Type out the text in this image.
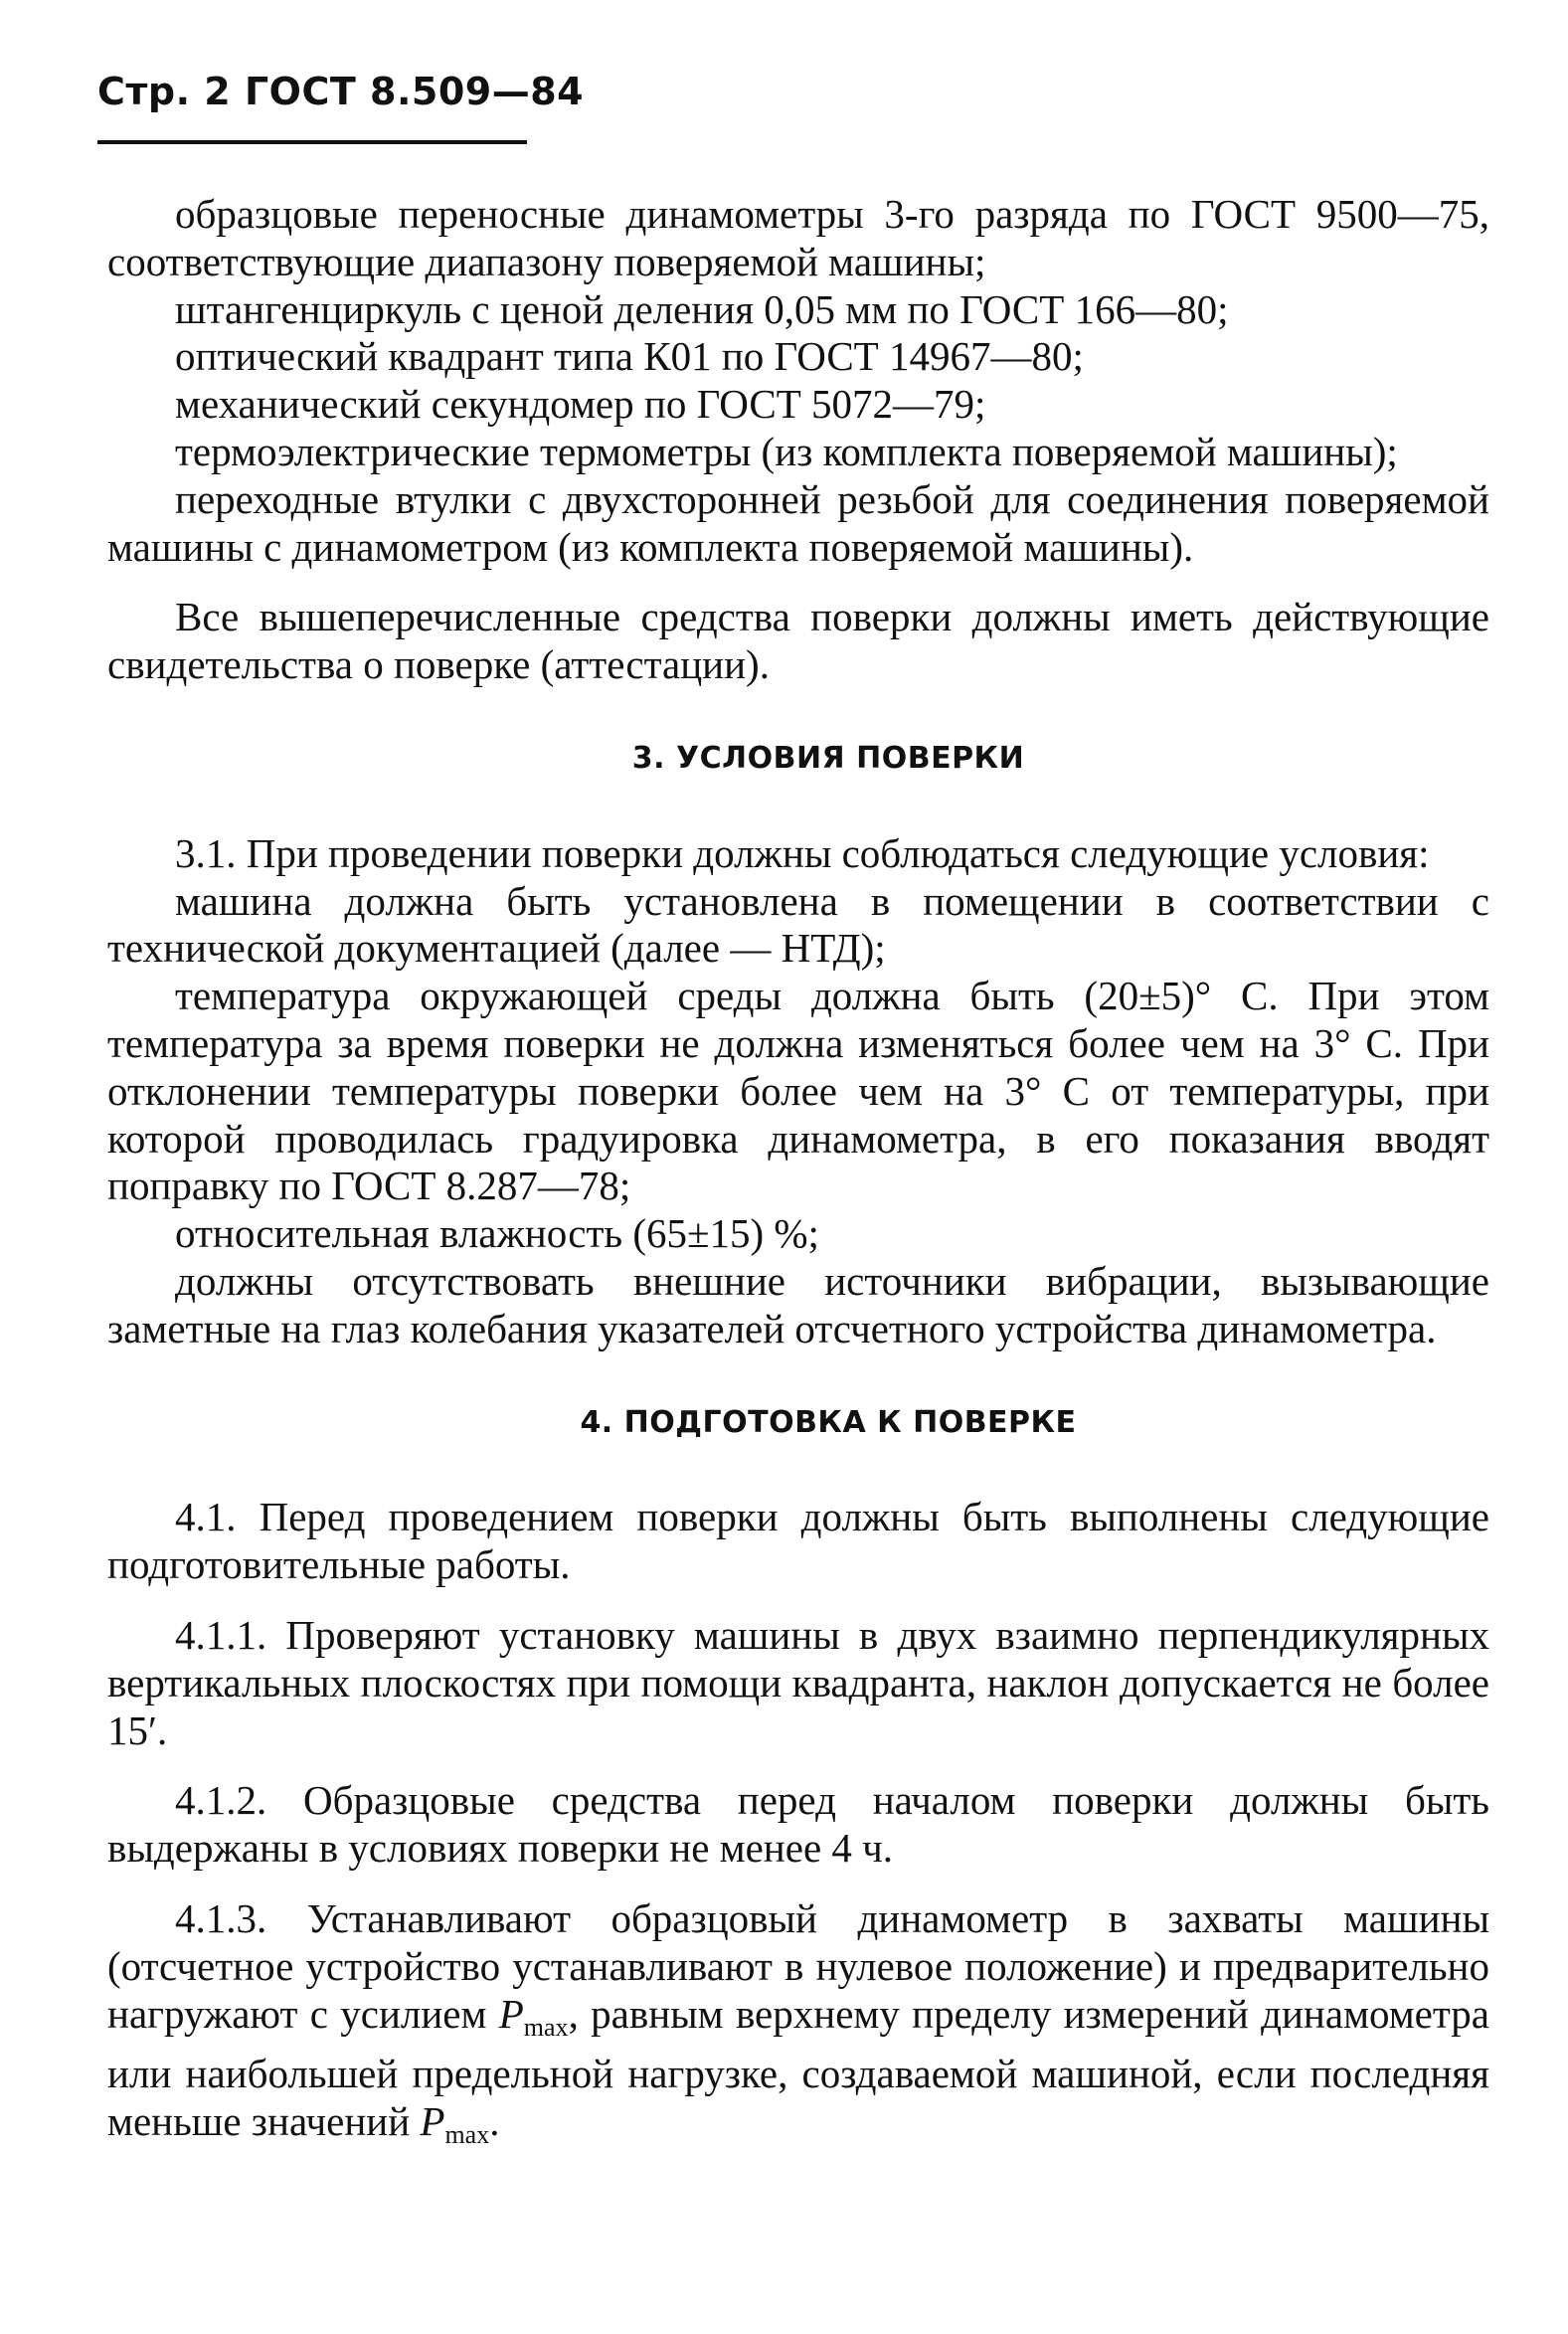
Стр. 2 ГОСТ 8.509—84

образцовые переносные динамометры 3-го разряда по ГОСТ 9500—75, соответствующие диапазону поверяемой машины;

штангенциркуль с ценой деления 0,05 мм по ГОСТ 166—80;

оптический квадрант типа К01 по ГОСТ 14967—80;

механический секундомер по ГОСТ 5072—79;

термоэлектрические термометры (из комплекта поверяемой машины);

переходные втулки с двухсторонней резьбой для соединения поверяемой машины с динамометром (из комплекта поверяемой машины).

Все вышеперечисленные средства поверки должны иметь действующие свидетельства о поверке (аттестации).

3. УСЛОВИЯ ПОВЕРКИ

3.1. При проведении поверки должны соблюдаться следующие условия:

машина должна быть установлена в помещении в соответствии с технической документацией (далее — НТД);

температура окружающей среды должна быть (20±5)° С. При этом температура за время поверки не должна изменяться более чем на 3° С. При отклонении температуры поверки более чем на 3° С от температуры, при которой проводилась градуировка динамометра, в его показания вводят поправку по ГОСТ 8.287—78;

относительная влажность (65±15) %;

должны отсутствовать внешние источники вибрации, вызывающие заметные на глаз колебания указателей отсчетного устройства динамометра.

4. ПОДГОТОВКА К ПОВЕРКЕ

4.1. Перед проведением поверки должны быть выполнены следующие подготовительные работы.

4.1.1. Проверяют установку машины в двух взаимно перпендикулярных вертикальных плоскостях при помощи квадранта, наклон допускается не более 15′.

4.1.2. Образцовые средства перед началом поверки должны быть выдержаны в условиях поверки не менее 4 ч.

4.1.3. Устанавливают образцовый динамометр в захваты машины (отсчетное устройство устанавливают в нулевое положение) и предварительно нагружают с усилием $P_{max}$, равным верхнему пределу измерений динамометра или наибольшей предельной нагрузке, создаваемой машиной, если последняя меньше значений $P_{max}$.
